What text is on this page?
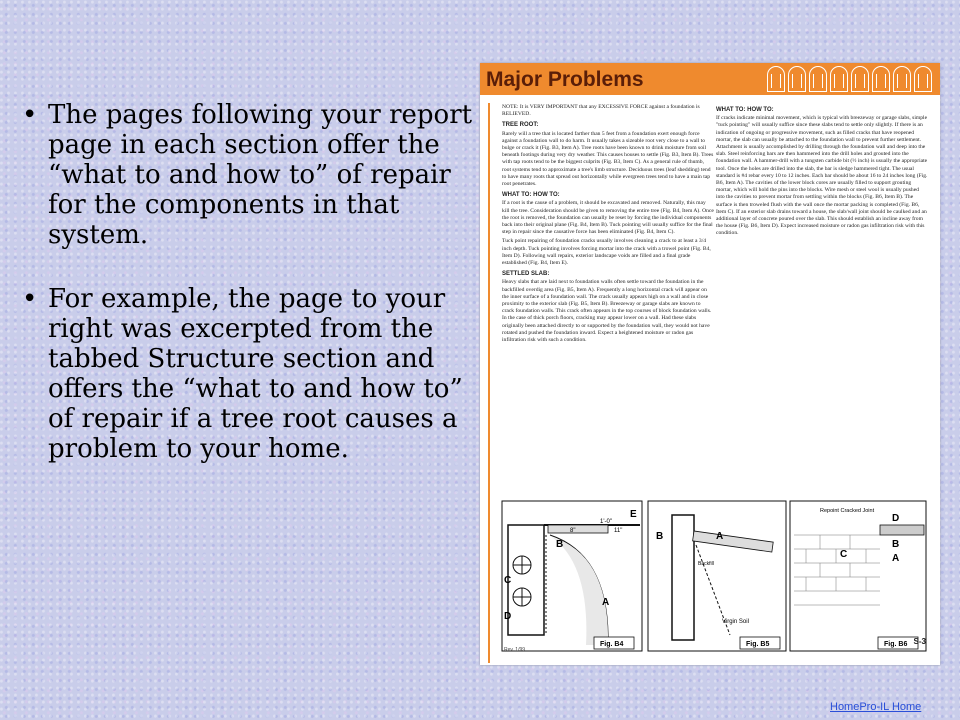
• The pages following your report page in each section offer the “what to and how to” of repair for the components in that system.
• For example, the page to your right was excerpted from the tabbed Structure section and offers the “what to and how to” of repair if a tree root causes a problem to your home.
Major Problems
NOTE: It is VERY IMPORTANT that any EXCESSIVE FORCE against a foundation is RELIEVED.
TREE ROOT:
Rarely will a tree that is located farther than 5 feet from a foundation exert enough force against a foundation wall to do harm. It usually takes a sizeable root very close to a wall to bulge or crack it (Fig. B3, Item A). Tree roots have been known to drink moisture from soil beneath footings during very dry weather. This causes houses to settle (Fig. B3, Item B). Trees with tap roots tend to be the biggest culprits (Fig. B3, Item C). As a general rule of thumb, root systems tend to approximate a tree's limb structure. Deciduous trees (leaf shedding) tend to have many roots that spread out horizontally while evergreen trees tend to have a main tap root penetrates.
WHAT TO: HOW TO:
If a root is the cause of a problem, it should be excavated and removed. Naturally, this may kill the tree. Consideration should be given to removing the entire tree (Fig. B4, Item A). Once the root is removed, the foundation can usually be reset by forcing the individual components back into their original plane (Fig. B4, Item B). Tuck pointing will usually suffice for the final step in repair since the causative force has been eliminated (Fig. B4, Item C).
Tuck point repairing of foundation cracks usually involves cleaning a crack to at least a 3/4 inch depth. Tuck pointing involves forcing mortar into the crack with a trowel point (Fig. B4, Item D). Following wall repairs, exterior landscape voids are filled and a final grade established (Fig. B4, Item E).
SETTLED SLAB:
Heavy slabs that are laid next to foundation walls often settle toward the foundation in the backfilled overdig area (Fig. B5, Item A). Frequently a long horizontal crack will appear on the inner surface of a foundation wall. The crack usually appears high on a wall and in close proximity to the exterior slab (Fig. B5, Item B). Breezeway or garage slabs are known to crack foundation walls. This crack often appears in the top courses of block foundation walls. In the case of thick porch floors, cracking may appear lower on a wall. Had these slabs originally been attached directly to or supported by the foundation wall, they would not have rotated and pushed the foundation inward. Expect a heightened moisture or radon gas infiltration risk with such a condition.
WHAT TO: HOW TO:
If cracks indicate minimal movement, which is typical with breezeway or garage slabs, simple "tuck pointing" will usually suffice since these slabs tend to settle only slightly. If there is an indication of ongoing or progressive movement, such as filled cracks that have reopened mortar, the slab can usually be attached to the foundation wall to prevent further settlement. Attachment is usually accomplished by drilling through the foundation wall and deep into the slab. Steel reinforcing bars are then hammered into the drill holes and grouted into the foundation wall. A hammer-drill with a tungsten carbide bit (½ inch) is usually the appropriate tool. Once the holes are drilled into the slab, the bar is sledge hammered tight. The usual standard is #4 rebar every 10 to 12 inches. Each bar should be about 16 to 24 inches long (Fig. B6, Item A). The cavities of the lower block cores are usually filled to support grouting mortar, which will hold the pins into the blocks. Wire mesh or steel wool is usually pushed into the cavities to prevent mortar from settling within the blocks (Fig. B6, Item B). The surface is then troweled flush with the wall once the mortar packing is completed (Fig. B6, Item C). If an exterior slab drains toward a house, the slab/wall joint should be caulked and an additional layer of concrete poured over the slab. This should establish an incline away from the house (Fig. B6, Item D). Expect increased moisture or radon gas infiltration risk with this condition.
E
B
C
D
A
1'-0"
8"	11"
Fig. B4
B	A
Backfill
Virgin Soil
Fig. B5
Repoint Cracked Joint
D
B
A
C
Fig. B6
Rev. 1/99
S-3
HomePro-IL Home
